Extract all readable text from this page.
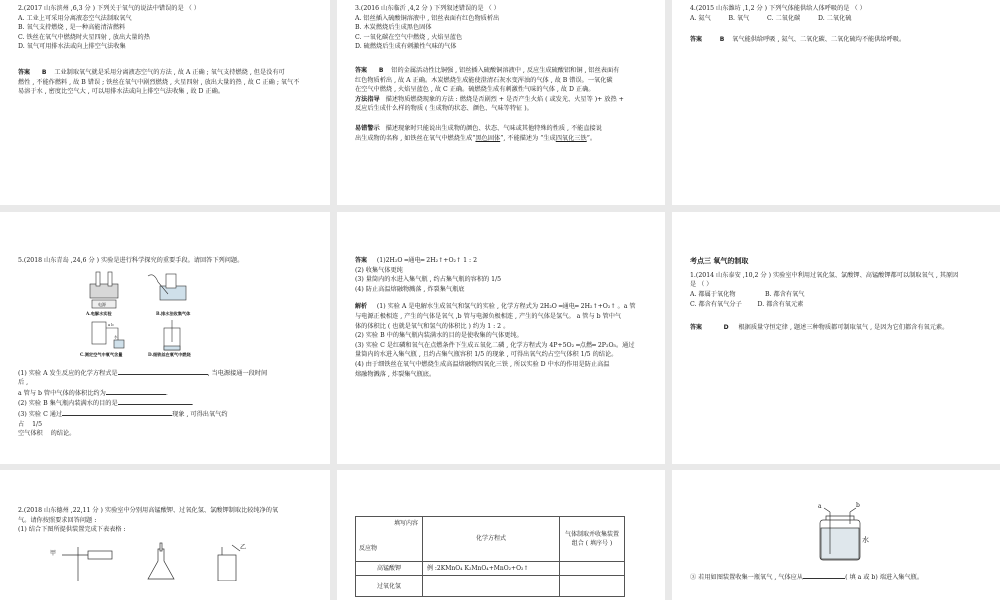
2.(2017 山东滨州 ,6,3 分 ) 下列关于氧气的说法中错误的是 （ ）
A. 工业上可采用分离液态空气法制取氧气
B. 氧气支持燃烧 , 是一种高能清洁燃料
C. 铁丝在氧气中燃烧时火星四射 , 放出大量的热
D. 氧气可用排水法或向上排空气法收集
答案 B 工业制取氧气就是采用分离液态空气的方法 , 故 A 正确 ; 氧气支持燃烧 , 但是没有可
燃性 , 不能作燃料 , 故 B 错误 ; 铁丝在氧气中剧烈燃烧 , 火星四射 , 放出大量的热 , 故 C 正确 ; 氧气不
易溶于水 , 密度比空气大 , 可以用排水法或向上排空气法收集 , 故 D 正确。
3.(2016 山东临沂 ,4,2 分 ) 下列叙述错误的是 （ ）
A. 铝丝插入硫酸铜溶液中 , 铝丝表面有红色物质析出
B. 木炭燃烧后生成黑色固体
C. 一氧化碳在空气中燃烧 , 火焰呈蓝色
D. 硫燃烧后生成有刺激性气味的气体
答案 B 铝的金属活动性比铜强 , 铝丝插入硫酸铜溶液中 , 反应生成硫酸铝和铜 , 铝丝表面有
红色物质析出 , 故 A 正确。木炭燃烧生成能使澄清石灰水变浑浊的气体 , 故 B 错误。一氧化碳
在空气中燃烧 , 火焰呈蓝色 , 故 C 正确。硫燃烧生成有刺激性气味的气体 , 故 D 正确。
方法指导 描述物质燃烧现象的方法 : 燃烧是否剧烈 + 是否产生火焰 ( 或发光、火星等 )+ 放热 +
反应后生成什么样的物质 ( 生成物的状态、颜色、气味等特征 )。
易错警示 描述现象时只能说出生成物的颜色、状态、气味或其他特殊的性质 , 不能直接说
出生成物的名称 , 如铁丝在氧气中燃烧生成“黑色固体”, 不能描述为 “生成四氧化三铁”。
4.(2015 山东潍坊 ,1,2 分 ) 下列气体能供给人体呼吸的是 （ ）
A. 氦气	B. 氧气	C. 二氧化碳	D. 二氧化硫
答案	B 氧气能供给呼吸 , 氦气、二氧化碳、二氧化硫均不能供给呼吸。
5.(2018 山东青岛 ,24,6 分 ) 实验是进行科学探究的重要手段。请回答下列问题。
电源
A.电解水实验	B.排水法收集气体
a b
水
C.测定空气中氧气含量	D.细铁丝在氧气中燃烧
(1) 实验 A 发生反应的化学方程式是	, 当电源接通一段时间
后 ,
a 管与 b 管中气体的体积比约为	.
(2) 实验 B 集气瓶内装满水的目的是	.
(3) 实验 C 通过	现象 , 可得出氧气约
占 1/5
空气体积 的结论。
答案 (1)2H₂O ═通电═ 2H₂↑+O₂↑ 1 : 2
(2) 收集气体更纯
(3) 量筒内的水进入集气瓶 , 约占集气瓶的容积的 1/5
(4) 防止高温熔融物溅落 , 炸裂集气瓶底
解析 (1) 实验 A 是电解水生成氧气和氢气的实验 , 化学方程式为 2H₂O ═通电═ 2H₂↑+O₂↑ 。a 管
与电源正极相连 , 产生的气体是氧气 ,b 管与电源负极相连 , 产生的气体是氢气。 a 管与 b 管中气
体的体积比 ( 也就是氧气和氢气的体积比 ) 约为 1 : 2 。
(2) 实验 B 中的集气瓶内装满水的目的是使收集的气体更纯。
(3) 实验 C 是红磷和氧气在点燃条件下生成五氧化二磷 , 化学方程式为 4P+5O₂ ═点燃═ 2P₂O₅。通过
量筒内的水进入集气瓶 , 且约占集气瓶容积 1/5 的现象 , 可得出氧气约占空气体积 1/5 的结论。
(4) 由于细铁丝在氧气中燃烧生成高温熔融物四氧化三铁 , 所以实验 D 中水的作用是防止高温
熔融物溅落 , 炸裂集气瓶底。
考点三 氧气的制取
1.(2014 山东泰安 ,10,2 分 ) 实验室中利用过氧化氢、氯酸钾、高锰酸钾都可以制取氧气 , 其原因
是 （ ）
A. 都属于氧化物	B. 都含有氧气
C. 都含有氧气分子	D. 都含有氧元素
答案	D 根据质量守恒定律 , 题述三种物质都可制取氧气 , 是因为它们都含有氧元素。
2.(2018 山东德州 ,22,11 分 ) 实验室中分别用高锰酸钾、过氧化氢、氯酸钾制取比较纯净的氧
气。请你按照要求回答问题 :
(1) 结合下图所提供装置完成下表表格 :
甲
乙
填写内容
反应物	化学方程式	气体制取并收集装置组合 ( 填序号 )
高锰酸钾	例 :2KMnO₄ K₂MnO₄+MnO₂+O₂↑	
过氧化氢		
a	b
水
③ 若用如图装置收集一瓶氧气 , 气体应从	( 填 a 或 b) 端进入集气瓶。
